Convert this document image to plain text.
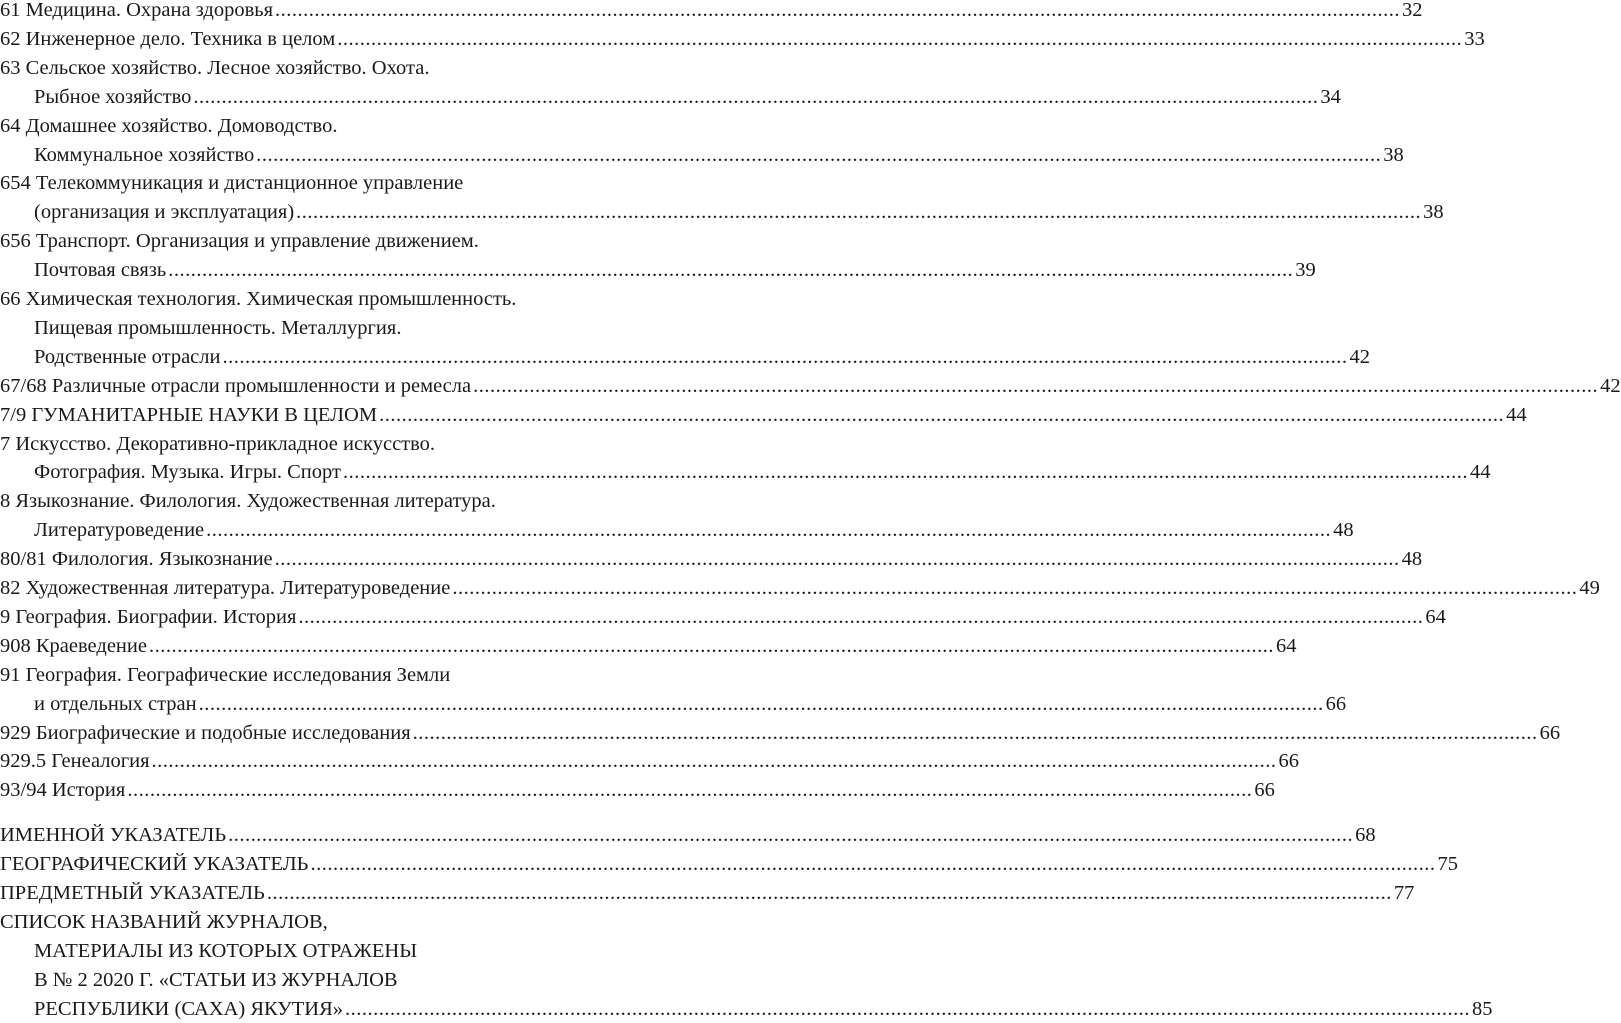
61 Медицина. Охрана здоровья .....	32
62 Инженерное дело. Техника в целом .....	33
63 Сельское хозяйство. Лесное хозяйство. Охота.
Рыбное хозяйство .....	34
64 Домашнее хозяйство. Домоводство.
Коммунальное хозяйство .....	38
654 Телекоммуникация и дистанционное управление
(организация и эксплуатация) .....	38
656 Транспорт. Организация и управление движением.
Почтовая связь .....	39
66 Химическая технология. Химическая промышленность.
Пищевая промышленность. Металлургия.
Родственные отрасли .....	42
67/68 Различные отрасли промышленности и ремесла .....	42
7/9 ГУМАНИТАРНЫЕ НАУКИ В ЦЕЛОМ .....	44
7 Искусство. Декоративно-прикладное искусство.
Фотография. Музыка. Игры. Спорт .....	44
8 Языкознание. Филология. Художественная литература.
Литературоведение .....	48
80/81 Филология. Языкознание .....	48
82 Художественная литература. Литературоведение .....	49
9 География. Биографии. История .....	64
908 Краеведение .....	64
91 География. Географические исследования Земли
и отдельных стран .....	66
929 Биографические и подобные исследования .....	66
929.5 Генеалогия .....	66
93/94 История .....	66
ИМЕННОЙ УКАЗАТЕЛЬ .....	68
ГЕОГРАФИЧЕСКИЙ УКАЗАТЕЛЬ .....	75
ПРЕДМЕТНЫЙ УКАЗАТЕЛЬ .....	77
СПИСОК НАЗВАНИЙ ЖУРНАЛОВ,
МАТЕРИАЛЫ ИЗ КОТОРЫХ ОТРАЖЕНЫ
В № 2 2020 Г. «СТАТЬИ ИЗ ЖУРНАЛОВ
РЕСПУБЛИКИ (САХА) ЯКУТИЯ» .....	85
